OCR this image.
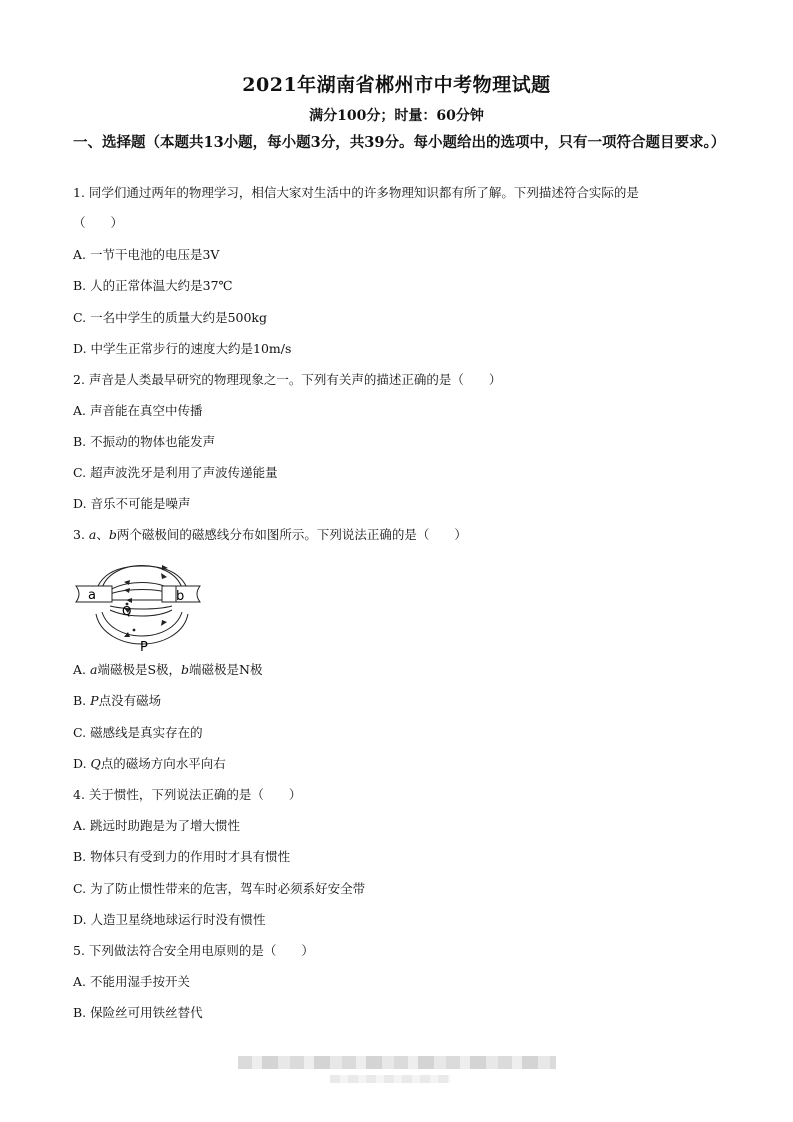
2021年湖南省郴州市中考物理试题
满分100分；时量：60分钟
一、选择题（本题共13小题，每小题3分，共39分。每小题给出的选项中，只有一项符合题目要求。）
1. 同学们通过两年的物理学习，相信大家对生活中的许多物理知识都有所了解。下列描述符合实际的是
（　　）
A. 一节干电池的电压是3V
B. 人的正常体温大约是37℃
C. 一名中学生的质量大约是500kg
D. 中学生正常步行的速度大约是10m/s
2. 声音是人类最早研究的物理现象之一。下列有关声的描述正确的是（　　）
A. 声音能在真空中传播
B. 不振动的物体也能发声
C. 超声波洗牙是利用了声波传递能量
D. 音乐不可能是噪声
3. a、b两个磁极间的磁感线分布如图所示。下列说法正确的是（　　）
a	b
Q
P
A. a端磁极是S极，b端磁极是N极
B. P点没有磁场
C. 磁感线是真实存在的
D. Q点的磁场方向水平向右
4. 关于惯性，下列说法正确的是（　　）
A. 跳远时助跑是为了增大惯性
B. 物体只有受到力的作用时才具有惯性
C. 为了防止惯性带来的危害，驾车时必须系好安全带
D. 人造卫星绕地球运行时没有惯性
5. 下列做法符合安全用电原则的是（　　）
A. 不能用湿手按开关
B. 保险丝可用铁丝替代
